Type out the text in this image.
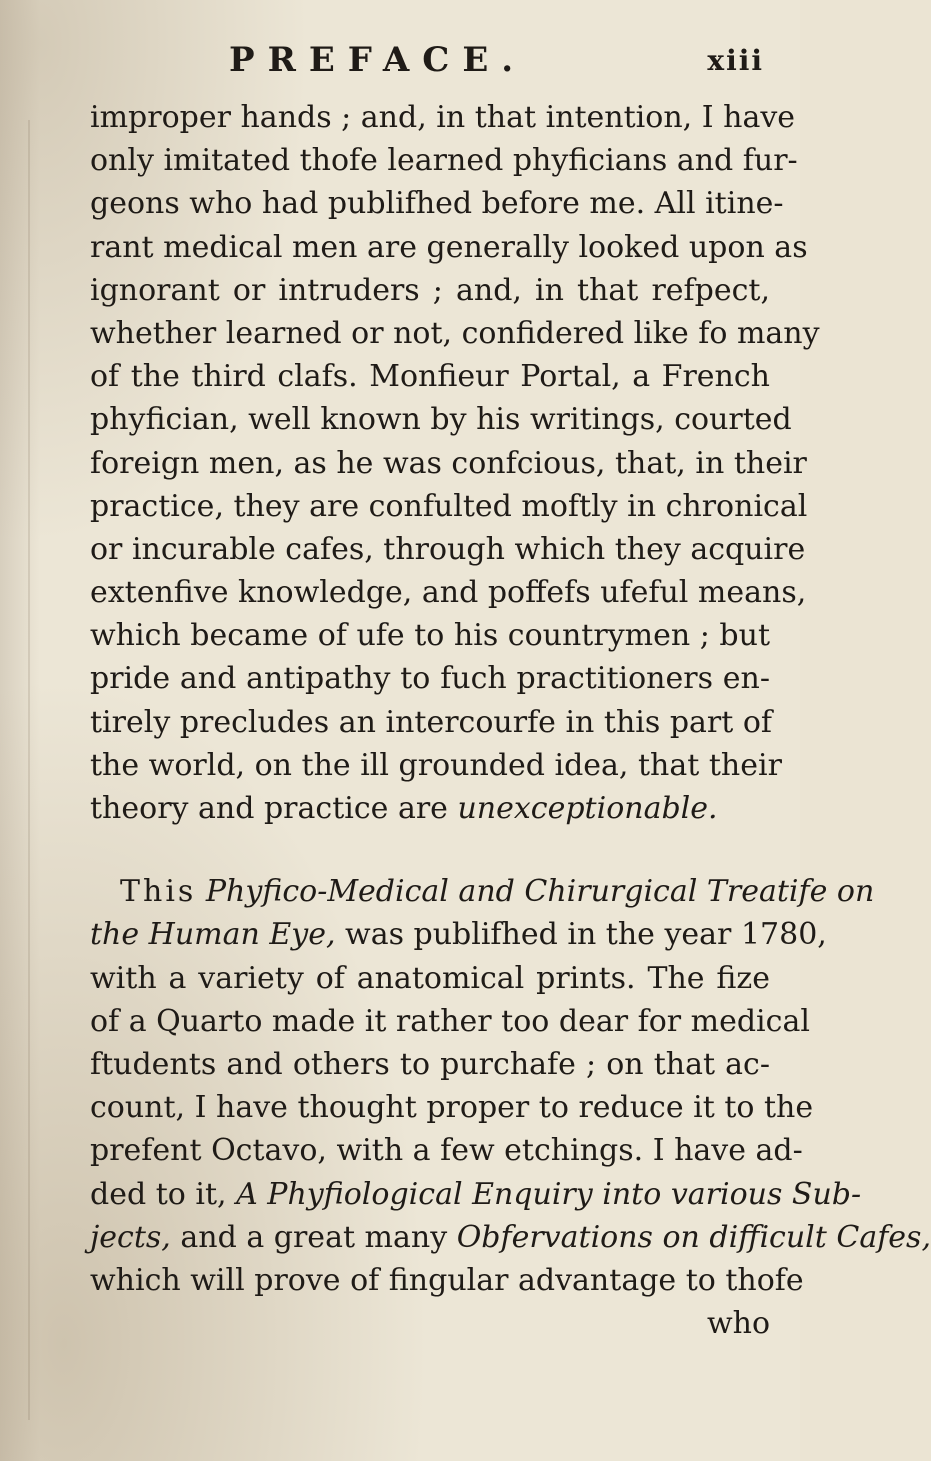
PREFACE.	xiii
improper hands ; and, in that intention, I have
only imitated thofe learned phyficians and fur-
geons who had publifhed before me. All itine-
rant medical men are generally looked upon as
ignorant or intruders ; and, in that refpect,
whether learned or not, confidered like fo many
of the third clafs. Monfieur Portal, a French
phyfician, well known by his writings, courted
foreign men, as he was confcious, that, in their
practice, they are confulted moftly in chronical
or incurable cafes, through which they acquire
extenfive knowledge, and poffefs ufeful means,
which became of ufe to his countrymen ; but
pride and antipathy to fuch practitioners en-
tirely precludes an intercourfe in this part of
the world, on the ill grounded idea, that their
theory and practice are unexceptionable.
This Phyfico-Medical and Chirurgical Treatife on
the Human Eye, was publifhed in the year 1780,
with a variety of anatomical prints. The fize
of a Quarto made it rather too dear for medical
ftudents and others to purchafe ; on that ac-
count, I have thought proper to reduce it to the
prefent Octavo, with a few etchings. I have ad-
ded to it, A Phyfiological Enquiry into various Sub-
jects, and a great many Obfervations on difficult Cafes,
which will prove of fingular advantage to thofe
who
